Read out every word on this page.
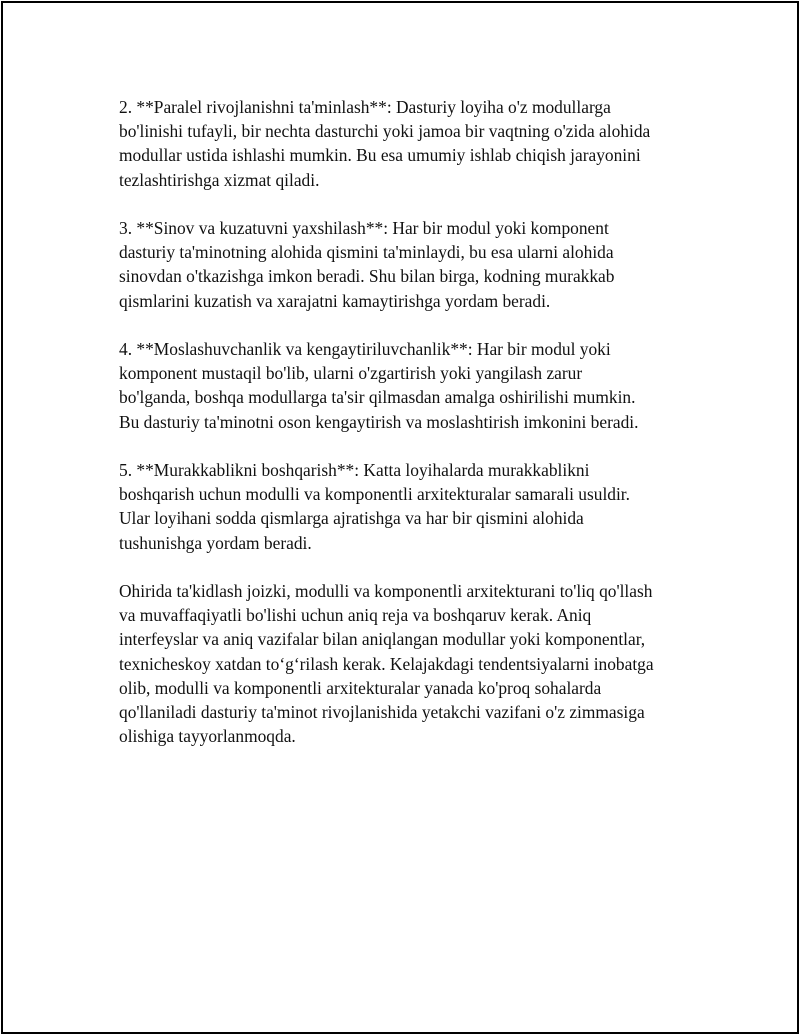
2. **Paralel rivojlanishni ta'minlash**: Dasturiy loyiha o'z modullarga
bo'linishi tufayli, bir nechta dasturchi yoki jamoa bir vaqtning o'zida alohida
modullar ustida ishlashi mumkin. Bu esa umumiy ishlab chiqish jarayonini
tezlashtirishga xizmat qiladi.

3. **Sinov va kuzatuvni yaxshilash**: Har bir modul yoki komponent
dasturiy ta'minotning alohida qismini ta'minlaydi, bu esa ularni alohida
sinovdan o'tkazishga imkon beradi. Shu bilan birga, kodning murakkab
qismlarini kuzatish va xarajatni kamaytirishga yordam beradi.

4. **Moslashuvchanlik va kengaytiriluvchanlik**: Har bir modul yoki
komponent mustaqil bo'lib, ularni o'zgartirish yoki yangilash zarur
bo'lganda, boshqa modullarga ta'sir qilmasdan amalga oshirilishi mumkin.
Bu dasturiy ta'minotni oson kengaytirish va moslashtirish imkonini beradi.

5. **Murakkablikni boshqarish**: Katta loyihalarda murakkablikni
boshqarish uchun modulli va komponentli arxitekturalar samarali usuldir.
Ular loyihani sodda qismlarga ajratishga va har bir qismini alohida
tushunishga yordam beradi.

Ohirida ta'kidlash joizki, modulli va komponentli arxitekturani to'liq qo'llash
va muvaffaqiyatli bo'lishi uchun aniq reja va boshqaruv kerak. Aniq
interfeyslar va aniq vazifalar bilan aniqlangan modullar yoki komponentlar,
texnicheskoy xatdan to‘g‘rilash kerak. Kelajakdagi tendentsiyalarni inobatga
olib, modulli va komponentli arxitekturalar yanada ko'proq sohalarda
qo'llaniladi dasturiy ta'minot rivojlanishida yetakchi vazifani o'z zimmasiga
olishiga tayyorlanmoqda.
